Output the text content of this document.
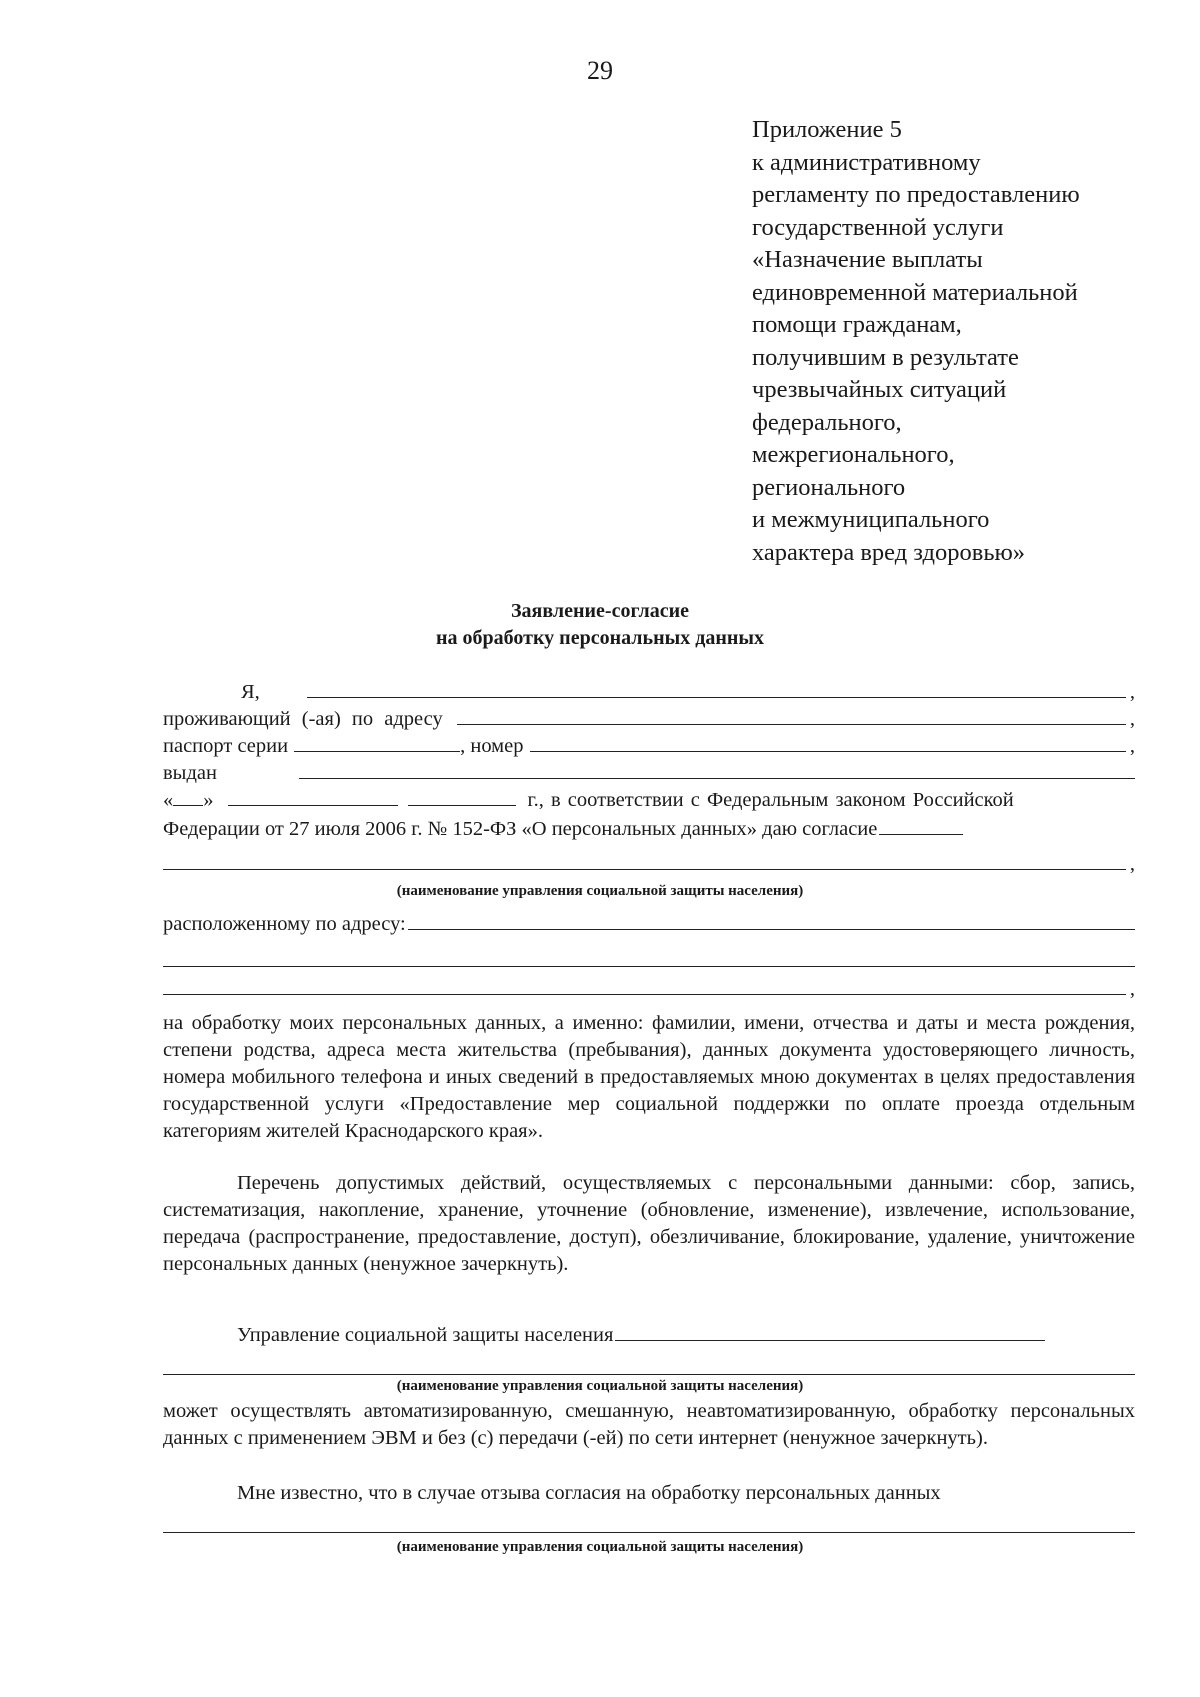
29
Приложение 5
к административному
регламенту по предоставлению
государственной услуги
«Назначение выплаты
единовременной материальной
помощи гражданам,
получившим в результате
чрезвычайных ситуаций
федерального,
межрегионального,
регионального
и межмуниципального
характера вред здоровью»
Заявление-согласие
на обработку персональных данных
Я,	,
проживающий (-ая) по адресу	,
паспорт серии	, номер	,
выдан
« »	г., в соответствии с Федеральным законом Российской
Федерации от 27 июля 2006 г. № 152-ФЗ «О персональных данных» даю согласие
,
(наименование управления социальной защиты населения)
расположенному по адресу:
,
на обработку моих персональных данных, а именно: фамилии, имени, отчества и даты и места рождения, степени родства, адреса места жительства (пребывания), данных документа удостоверяющего личность, номера мобильного телефона и иных сведений в предоставляемых мною документах в целях предоставления государственной услуги «Предоставление мер социальной поддержки по оплате проезда отдельным категориям жителей Краснодарского края».
Перечень допустимых действий, осуществляемых с персональными данными: сбор, запись, систематизация, накопление, хранение, уточнение (обновление, изменение), извлечение, использование, передача (распространение, предоставление, доступ), обезличивание, блокирование, удаление, уничтожение персональных данных (ненужное зачеркнуть).
Управление социальной защиты населения
(наименование управления социальной защиты населения)
может осуществлять автоматизированную, смешанную, неавтоматизированную, обработку персональных данных с применением ЭВМ и без (с) передачи (-ей) по сети интернет (ненужное зачеркнуть).
Мне известно, что в случае отзыва согласия на обработку персональных данных
(наименование управления социальной защиты населения)
